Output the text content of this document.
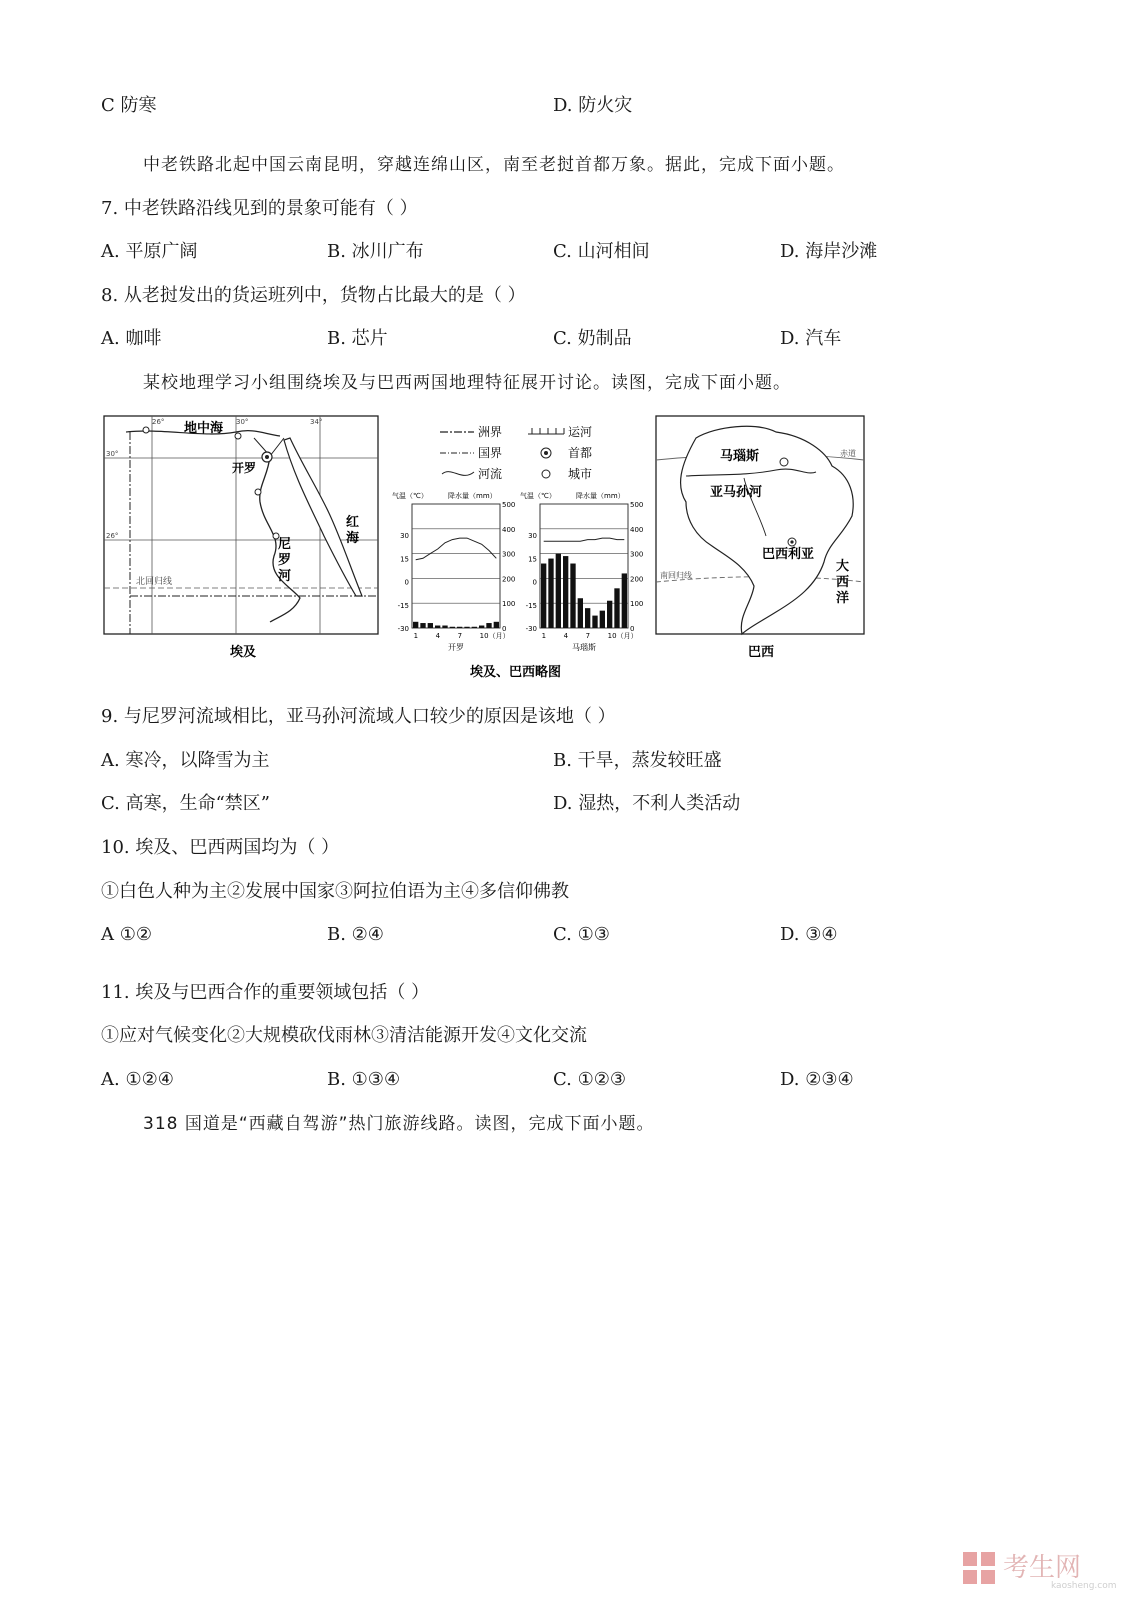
C 防寒	D. 防火灾
中老铁路北起中国云南昆明，穿越连绵山区，南至老挝首都万象。据此，完成下面小题。
7. 中老铁路沿线见到的景象可能有（ ）
A. 平原广阔	B. 冰川广布	C. 山河相间	D. 海岸沙滩
8. 从老挝发出的货运班列中，货物占比最大的是（ ）
A. 咖啡	B. 芯片	C. 奶制品	D. 汽车
某校地理学习小组围绕埃及与巴西两国地理特征展开讨论。读图，完成下面小题。
地中海
开罗
尼
罗
河
红
海
北回归线
26°	30°	34°
30°
26°
埃及
洲界
国界
河流
运河
首都
城市
气温（℃）	降水量（mm）
500
400
300
200
100
0
30
15
0
-15
-30
1	4	7	10（月）
开罗
气温（℃）	降水量（mm）
500
400
300
200
100
0
30
15
0
-15
-30
1	4	7	10（月）
马瑙斯
马瑙斯
亚马孙河
巴西利亚
大
西
洋
赤道
南回归线
巴西
埃及、巴西略图
9. 与尼罗河流域相比，亚马孙河流域人口较少的原因是该地（ ）
A. 寒冷，以降雪为主	B. 干旱，蒸发较旺盛
C. 高寒，生命“禁区”	D. 湿热，不利人类活动
10. 埃及、巴西两国均为（ ）
①白色人种为主②发展中国家③阿拉伯语为主④多信仰佛教
A ①②	B. ②④	C. ①③	D. ③④
11. 埃及与巴西合作的重要领域包括（ ）
①应对气候变化②大规模砍伐雨林③清洁能源开发④文化交流
A. ①②④	B. ①③④	C. ①②③	D. ②③④
318 国道是“西藏自驾游”热门旅游线路。读图，完成下面小题。
考生网
kaosheng.com
